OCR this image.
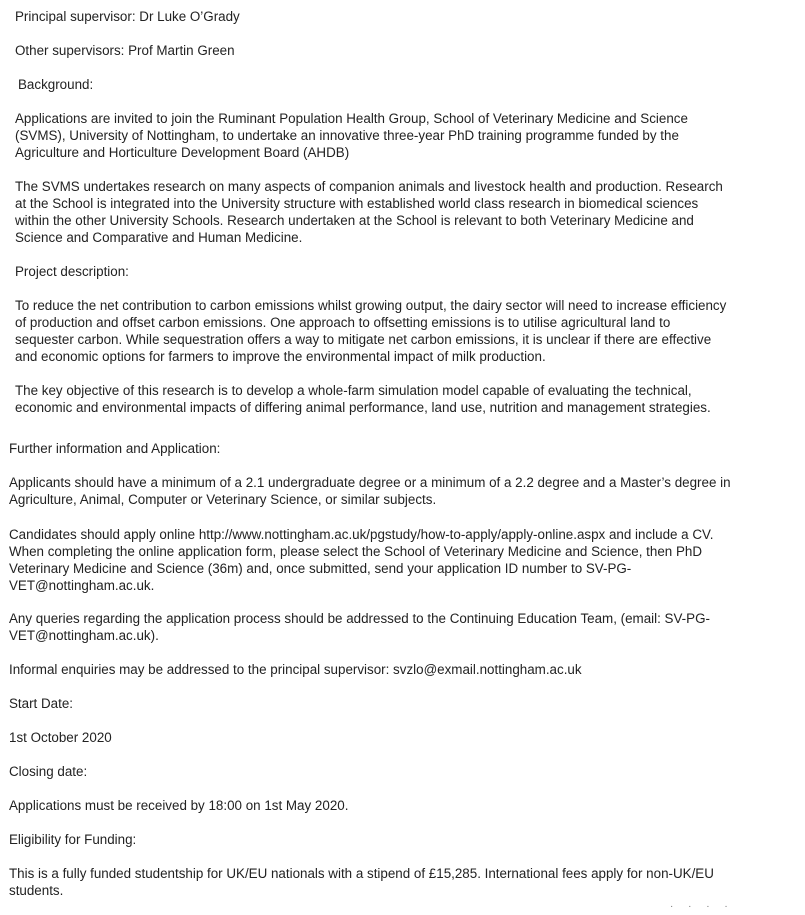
Principal supervisor: Dr Luke O’Grady

Other supervisors: Prof Martin Green

Background:

Applications are invited to join the Ruminant Population Health Group, School of Veterinary Medicine and Science (SVMS), University of Nottingham, to undertake an innovative three-year PhD training programme funded by the Agriculture and Horticulture Development Board (AHDB)

The SVMS undertakes research on many aspects of companion animals and livestock health and production. Research at the School is integrated into the University structure with established world class research in biomedical sciences within the other University Schools. Research undertaken at the School is relevant to both Veterinary Medicine and Science and Comparative and Human Medicine.

Project description:

To reduce the net contribution to carbon emissions whilst growing output, the dairy sector will need to increase efficiency of production and offset carbon emissions. One approach to offsetting emissions is to utilise agricultural land to sequester carbon. While sequestration offers a way to mitigate net carbon emissions, it is unclear if there are effective and economic options for farmers to improve the environmental impact of milk production.

The key objective of this research is to develop a whole-farm simulation model capable of evaluating the technical, economic and environmental impacts of differing animal performance, land use, nutrition and management strategies.

Further information and Application:

Applicants should have a minimum of a 2.1 undergraduate degree or a minimum of a 2.2 degree and a Master’s degree in Agriculture, Animal, Computer or Veterinary Science, or similar subjects.

Candidates should apply online http://www.nottingham.ac.uk/pgstudy/how-to-apply/apply-online.aspx and include a CV. When completing the online application form, please select the School of Veterinary Medicine and Science, then PhD Veterinary Medicine and Science (36m) and, once submitted, send your application ID number to SV-PG-VET@nottingham.ac.uk.

Any queries regarding the application process should be addressed to the Continuing Education Team, (email: SV-PG-VET@nottingham.ac.uk).

Informal enquiries may be addressed to the principal supervisor: svzlo@exmail.nottingham.ac.uk

Start Date:

1st October 2020

Closing date:

Applications must be received by 18:00 on 1st May 2020.

Eligibility for Funding:

This is a fully funded studentship for UK/EU nationals with a stipend of £15,285. International fees apply for non-UK/EU students.

· · · ·
